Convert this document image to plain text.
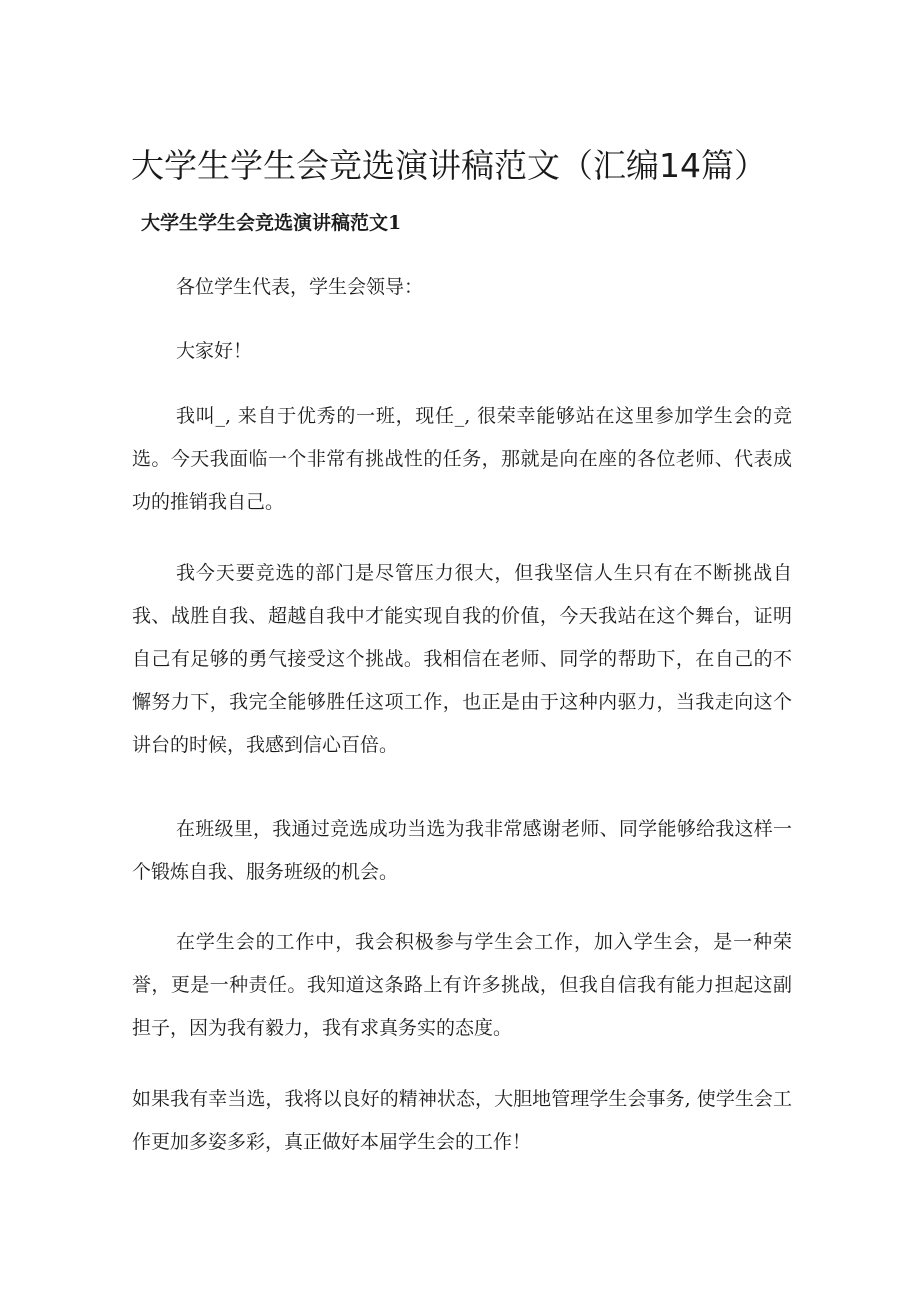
大学生学生会竞选演讲稿范文（汇编14篇）
大学生学生会竞选演讲稿范文1

各位学生代表，学生会领导：

大家好！

我叫_, 来自于优秀的一班，现任_, 很荣幸能够站在这里参加学生会的竞选。今天我面临一个非常有挑战性的任务，那就是向在座的各位老师、代表成功的推销我自己。

我今天要竞选的部门是尽管压力很大，但我坚信人生只有在不断挑战自我、战胜自我、超越自我中才能实现自我的价值，今天我站在这个舞台，证明自己有足够的勇气接受这个挑战。我相信在老师、同学的帮助下，在自己的不懈努力下，我完全能够胜任这项工作，也正是由于这种内驱力，当我走向这个讲台的时候，我感到信心百倍。

在班级里，我通过竞选成功当选为我非常感谢老师、同学能够给我这样一个锻炼自我、服务班级的机会。

在学生会的工作中，我会积极参与学生会工作，加入学生会，是一种荣誉，更是一种责任。我知道这条路上有许多挑战，但我自信我有能力担起这副担子，因为我有毅力，我有求真务实的态度。

如果我有幸当选，我将以良好的精神状态，大胆地管理学生会事务, 使学生会工作更加多姿多彩，真正做好本届学生会的工作！
